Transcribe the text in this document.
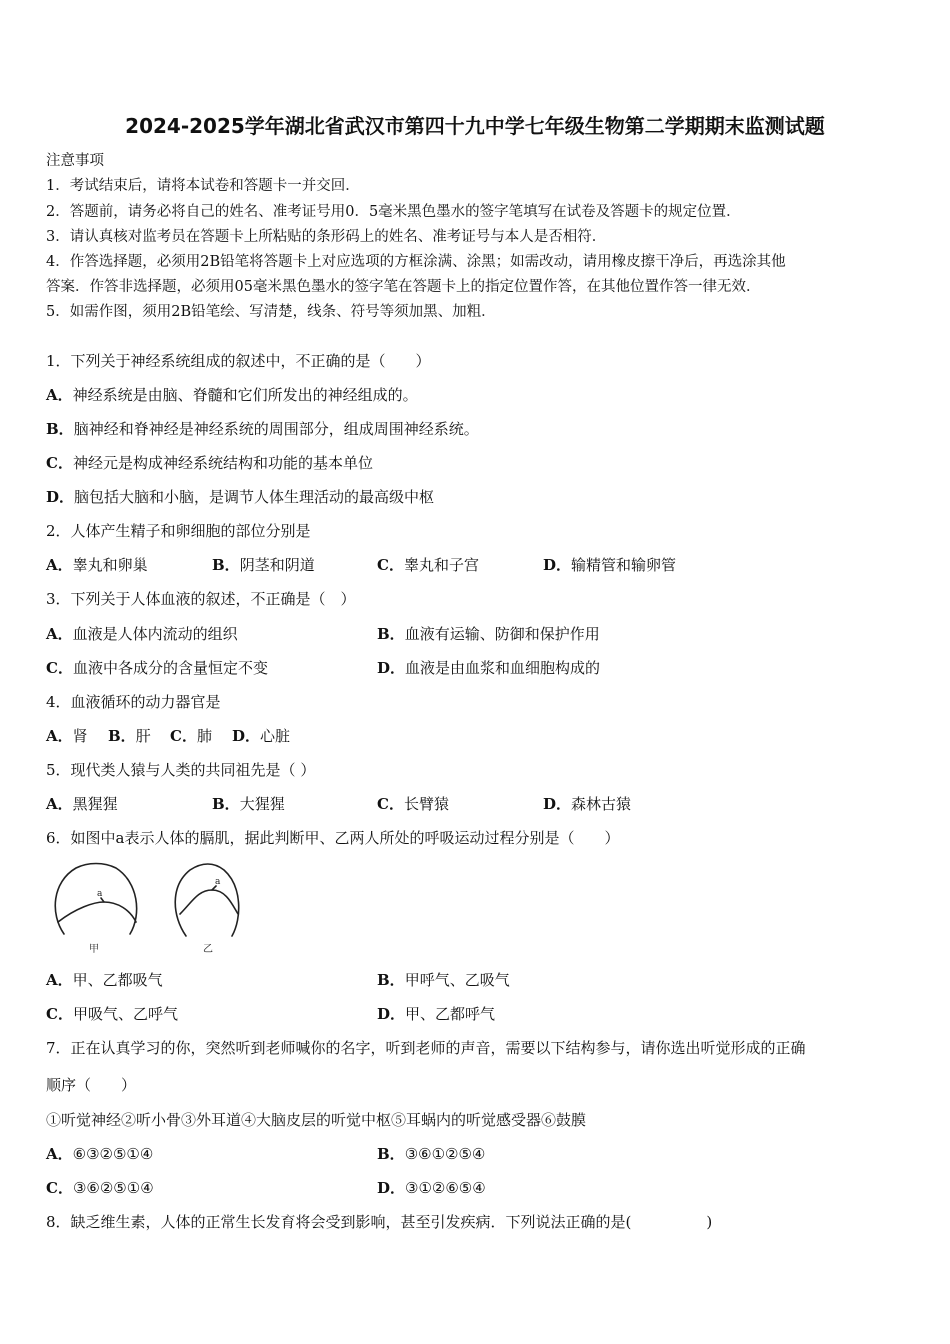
2024-2025学年湖北省武汉市第四十九中学七年级生物第二学期期末监测试题
注意事项
1．考试结束后，请将本试卷和答题卡一并交回．
2．答题前，请务必将自己的姓名、准考证号用0．5毫米黑色墨水的签字笔填写在试卷及答题卡的规定位置．
3．请认真核对监考员在答题卡上所粘贴的条形码上的姓名、准考证号与本人是否相符．
4．作答选择题，必须用2B铅笔将答题卡上对应选项的方框涂满、涂黑；如需改动，请用橡皮擦干净后，再选涂其他
答案．作答非选择题，必须用05毫米黑色墨水的签字笔在答题卡上的指定位置作答，在其他位置作答一律无效．
5．如需作图，须用2B铅笔绘、写清楚，线条、符号等须加黑、加粗．
1．下列关于神经系统组成的叙述中，不正确的是（　　）
A．神经系统是由脑、脊髓和它们所发出的神经组成的。
B．脑神经和脊神经是神经系统的周围部分，组成周围神经系统。
C．神经元是构成神经系统结构和功能的基本单位
D．脑包括大脑和小脑，是调节人体生理活动的最高级中枢
2．人体产生精子和卵细胞的部位分别是
A．睾丸和卵巢	B．阴茎和阴道	C．睾丸和子宫	D．输精管和输卵管
3．下列关于人体血液的叙述，不正确是（　）
A．血液是人体内流动的组织	B．血液有运输、防御和保护作用
C．血液中各成分的含量恒定不变	D．血液是由血浆和血细胞构成的
4．血液循环的动力器官是
A．肾 B．肝 C．肺 D．心脏
5．现代类人猿与人类的共同祖先是（ ）
A．黑猩猩	B．大猩猩	C．长臂猿	D．森林古猿
6．如图中a表示人体的膈肌，据此判断甲、乙两人所处的呼吸运动过程分别是（　　）
a
a
甲	乙
A．甲、乙都吸气	B．甲呼气、乙吸气
C．甲吸气、乙呼气	D．甲、乙都呼气
7．正在认真学习的你，突然听到老师喊你的名字，听到老师的声音，需要以下结构参与，请你选出听觉形成的正确
顺序（　　）
①听觉神经②听小骨③外耳道④大脑皮层的听觉中枢⑤耳蜗内的听觉感受器⑥鼓膜
A．⑥③②⑤①④	B．③⑥①②⑤④
C．③⑥②⑤①④	D．③①②⑥⑤④
8．缺乏维生素，人体的正常生长发育将会受到影响，甚至引发疾病．下列说法正确的是(　　　　　)
